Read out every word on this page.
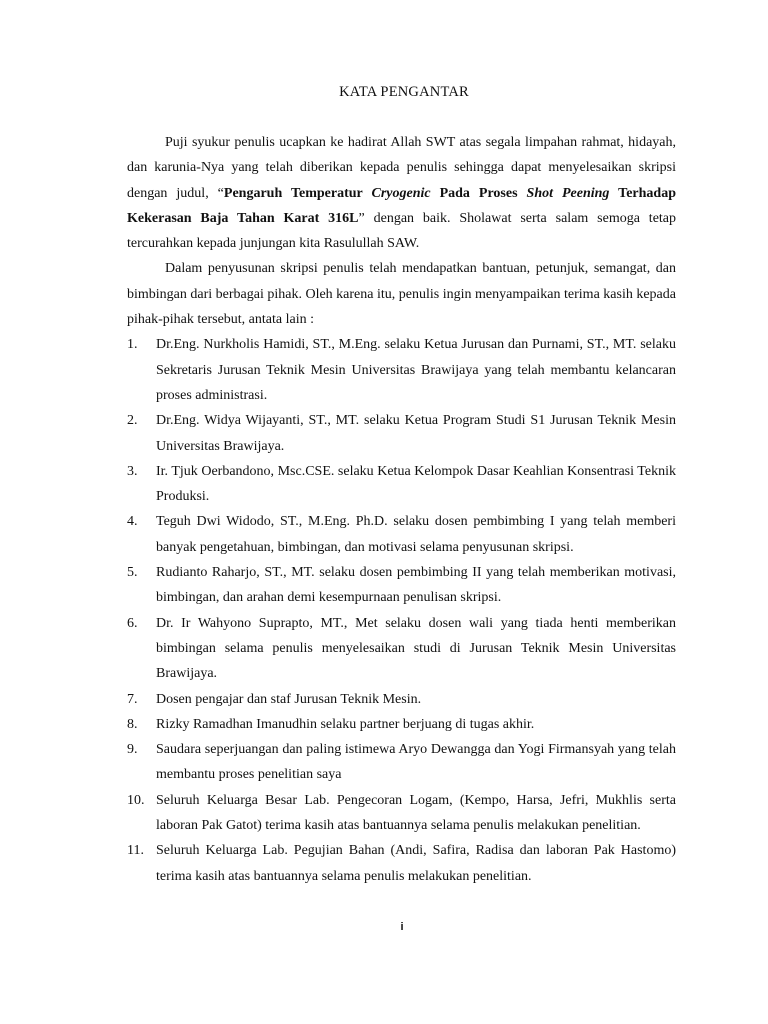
KATA PENGANTAR

Puji syukur penulis ucapkan ke hadirat Allah SWT atas segala limpahan rahmat, hidayah, dan karunia-Nya yang telah diberikan kepada penulis sehingga dapat menyelesaikan skripsi dengan judul, “Pengaruh Temperatur Cryogenic Pada Proses Shot Peening Terhadap Kekerasan Baja Tahan Karat 316L” dengan baik. Sholawat serta salam semoga tetap tercurahkan kepada junjungan kita Rasulullah SAW.

Dalam penyusunan skripsi penulis telah mendapatkan bantuan, petunjuk, semangat, dan bimbingan dari berbagai pihak. Oleh karena itu, penulis ingin menyampaikan terima kasih kepada pihak-pihak tersebut, antata lain :

1. Dr.Eng. Nurkholis Hamidi, ST., M.Eng. selaku Ketua Jurusan dan Purnami, ST., MT. selaku Sekretaris Jurusan Teknik Mesin Universitas Brawijaya yang telah membantu kelancaran proses administrasi.
2. Dr.Eng. Widya Wijayanti, ST., MT. selaku Ketua Program Studi S1 Jurusan Teknik Mesin Universitas Brawijaya.
3. Ir. Tjuk Oerbandono, Msc.CSE. selaku Ketua Kelompok Dasar Keahlian Konsentrasi Teknik Produksi.
4. Teguh Dwi Widodo, ST., M.Eng. Ph.D. selaku dosen pembimbing I yang telah memberi banyak pengetahuan, bimbingan, dan motivasi selama penyusunan skripsi.
5. Rudianto Raharjo, ST., MT. selaku dosen pembimbing II yang telah memberikan motivasi, bimbingan, dan arahan demi kesempurnaan penulisan skripsi.
6. Dr. Ir Wahyono Suprapto, MT., Met selaku dosen wali yang tiada henti memberikan bimbingan selama penulis menyelesaikan studi di Jurusan Teknik Mesin Universitas Brawijaya.
7. Dosen pengajar dan staf Jurusan Teknik Mesin.
8. Rizky Ramadhan Imanudhin selaku partner berjuang di tugas akhir.
9. Saudara seperjuangan dan paling istimewa Aryo Dewangga dan Yogi Firmansyah yang telah membantu proses penelitian saya
10. Seluruh Keluarga Besar Lab. Pengecoran Logam, (Kempo, Harsa, Jefri, Mukhlis serta laboran Pak Gatot) terima kasih atas bantuannya selama penulis melakukan penelitian.
11. Seluruh Keluarga Lab. Pegujian Bahan (Andi, Safira, Radisa dan laboran Pak Hastomo) terima kasih atas bantuannya selama penulis melakukan penelitian.
i
